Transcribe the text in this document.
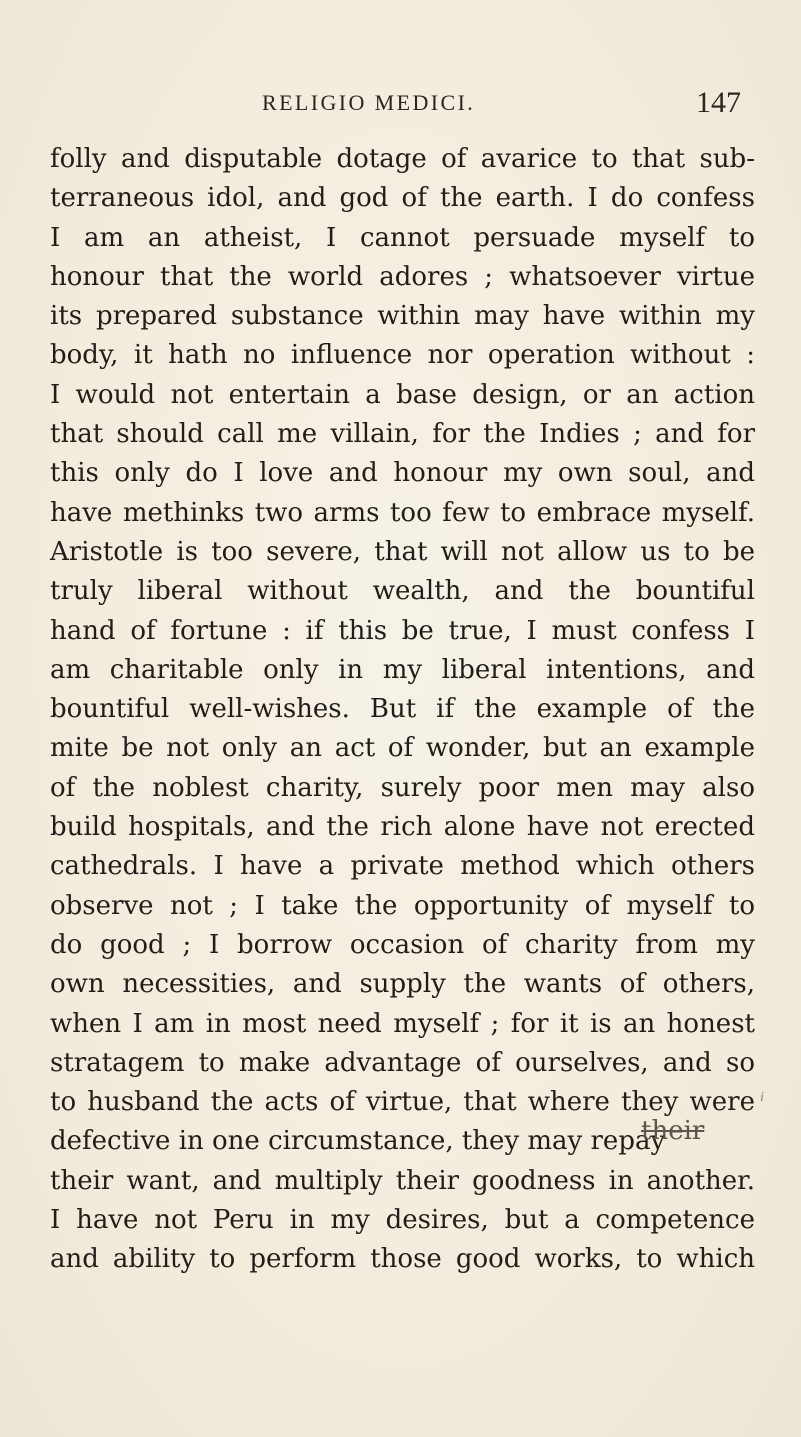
RELIGIO MEDICI.	147
folly and disputable dotage of avarice to that sub-
terraneous idol, and god of the earth. I do confess
I am an atheist, I cannot persuade myself to
honour that the world adores ; whatsoever virtue
its prepared substance within may have within my
body, it hath no influence nor operation without :
I would not entertain a base design, or an action
that should call me villain, for the Indies ; and for
this only do I love and honour my own soul, and
have methinks two arms too few to embrace myself.
Aristotle is too severe, that will not allow us to be
truly liberal without wealth, and the bountiful
hand of fortune : if this be true, I must confess I
am charitable only in my liberal intentions, and
bountiful well-wishes. But if the example of the
mite be not only an act of wonder, but an example
of the noblest charity, surely poor men may also
build hospitals, and the rich alone have not erected
cathedrals. I have a private method which others
observe not ; I take the opportunity of myself to
do good ; I borrow occasion of charity from my
own necessities, and supply the wants of others,
when I am in most need myself ; for it is an honest
stratagem to make advantage of ourselves, and so
to husband the acts of virtue, that where they were
defective in one circumstance, they may repay
their want, and multiply their goodness in another.
I have not Peru in my desires, but a competence
and ability to perform those good works, to which
their
i
